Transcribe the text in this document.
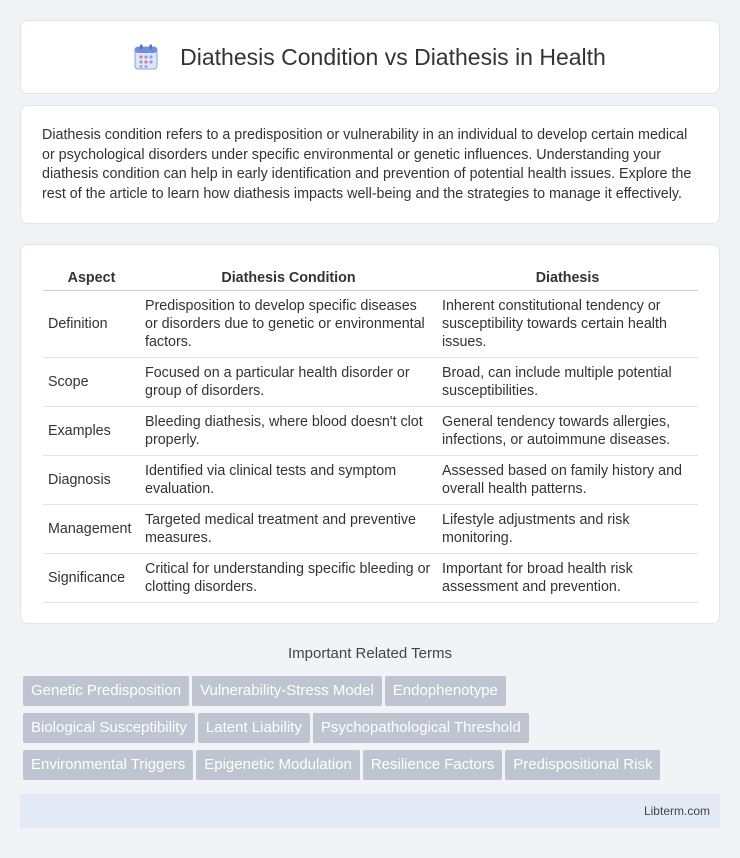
Diathesis Condition vs Diathesis in Health

Diathesis condition refers to a predisposition or vulnerability in an individual to develop certain medical or psychological disorders under specific environmental or genetic influences. Understanding your diathesis condition can help in early identification and prevention of potential health issues. Explore the rest of the article to learn how diathesis impacts well-being and the strategies to manage it effectively.

Aspect	Diathesis Condition	Diathesis
Definition	Predisposition to develop specific diseases or disorders due to genetic or environmental factors.	Inherent constitutional tendency or susceptibility towards certain health issues.
Scope	Focused on a particular health disorder or group of disorders.	Broad, can include multiple potential susceptibilities.
Examples	Bleeding diathesis, where blood doesn't clot properly.	General tendency towards allergies, infections, or autoimmune diseases.
Diagnosis	Identified via clinical tests and symptom evaluation.	Assessed based on family history and overall health patterns.
Management	Targeted medical treatment and preventive measures.	Lifestyle adjustments and risk monitoring.
Significance	Critical for understanding specific bleeding or clotting disorders.	Important for broad health risk assessment and prevention.
Important Related Terms
Genetic Predisposition Vulnerability-Stress Model Endophenotype
Biological Susceptibility Latent Liability Psychopathological Threshold
Environmental Triggers Epigenetic Modulation Resilience Factors Predispositional Risk
Libterm.com
